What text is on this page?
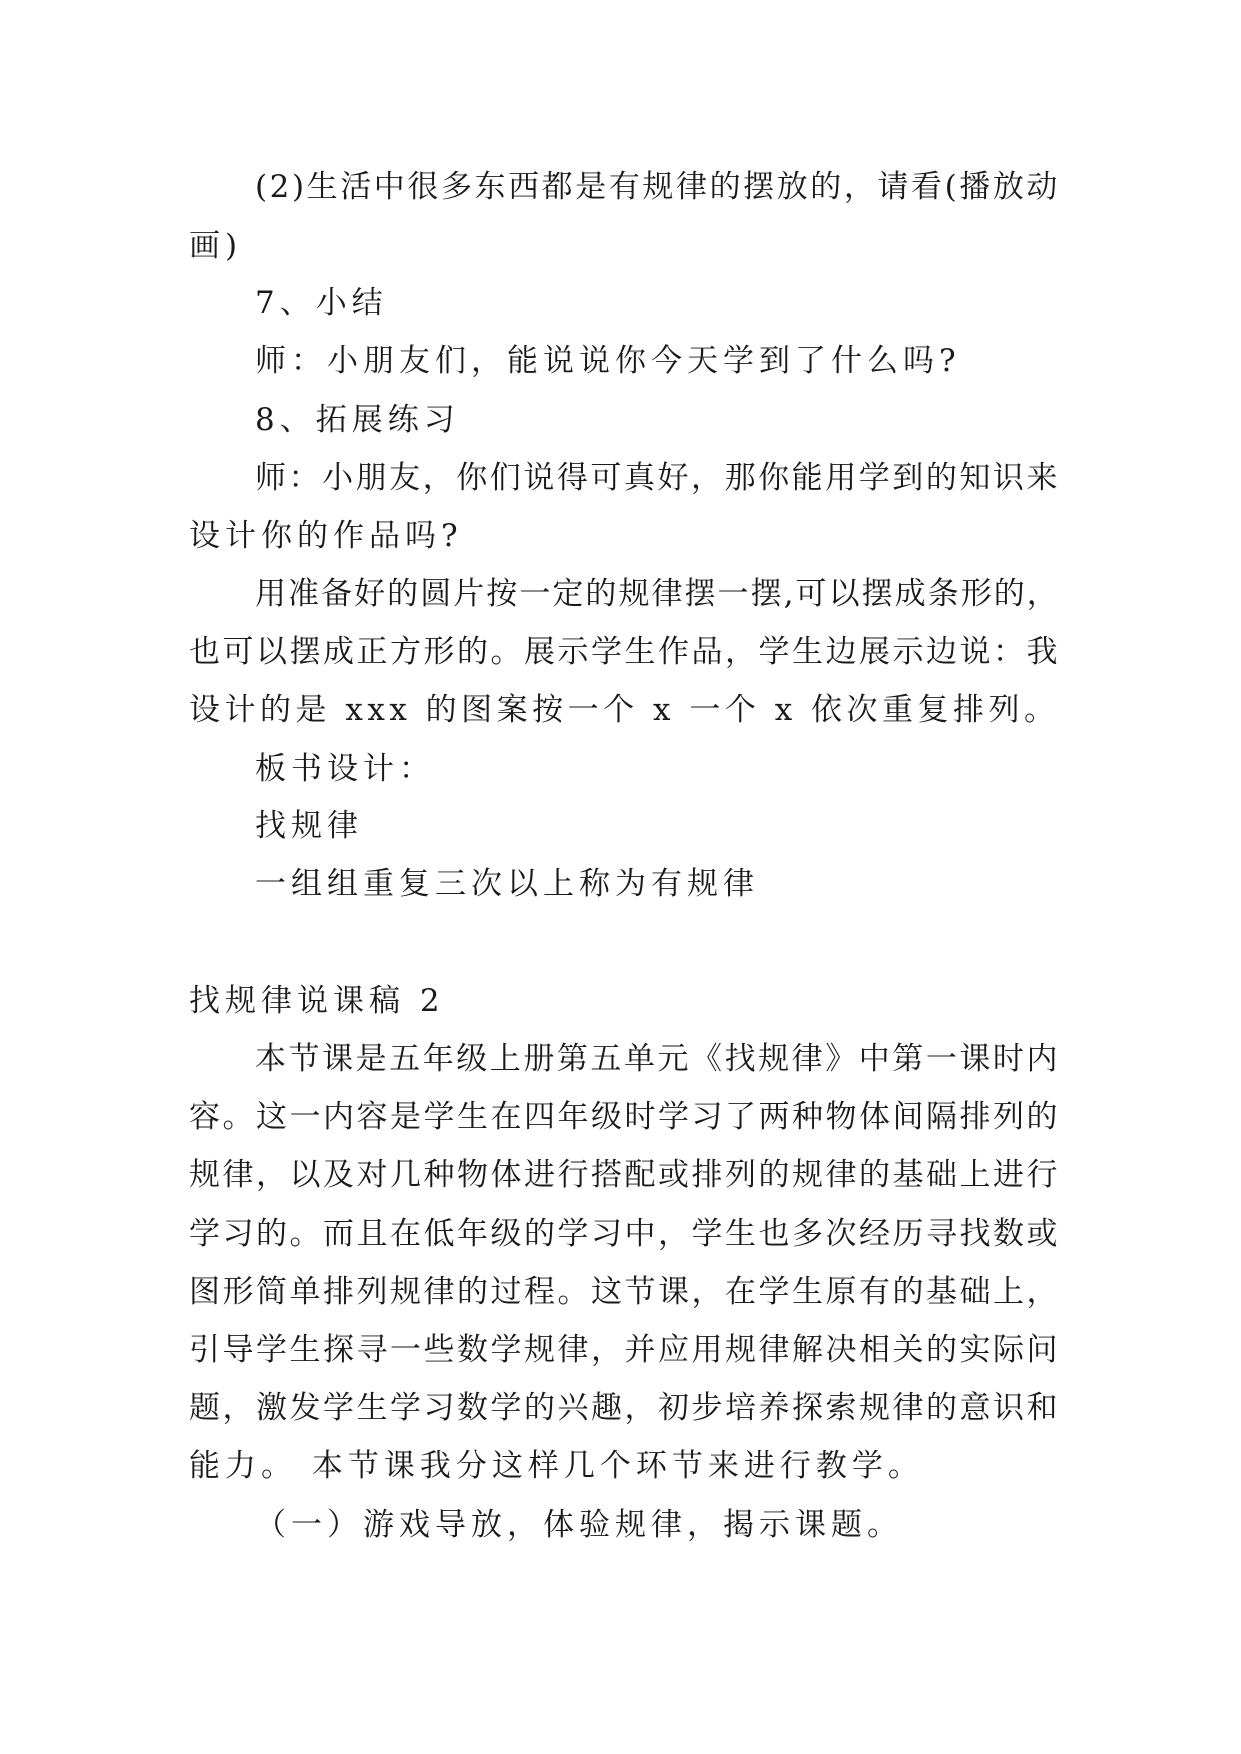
(2)生活中很多东西都是有规律的摆放的，请看(播放动
画)
7、小结
师：小朋友们，能说说你今天学到了什么吗?
8、拓展练习
师：小朋友，你们说得可真好，那你能用学到的知识来
设计你的作品吗?
用准备好的圆片按一定的规律摆一摆,可以摆成条形的，
也可以摆成正方形的。展示学生作品，学生边展示边说：我
设计的是 xxx 的图案按一个 x 一个 x 依次重复排列。
板书设计：
找规律
一组组重复三次以上称为有规律
找规律说课稿 2
本节课是五年级上册第五单元《找规律》中第一课时内
容。这一内容是学生在四年级时学习了两种物体间隔排列的
规律，以及对几种物体进行搭配或排列的规律的基础上进行
学习的。而且在低年级的学习中，学生也多次经历寻找数或
图形简单排列规律的过程。这节课，在学生原有的基础上，
引导学生探寻一些数学规律，并应用规律解决相关的实际问
题，激发学生学习数学的兴趣，初步培养探索规律的意识和
能力。 本节课我分这样几个环节来进行教学。
（一）游戏导放，体验规律，揭示课题。
